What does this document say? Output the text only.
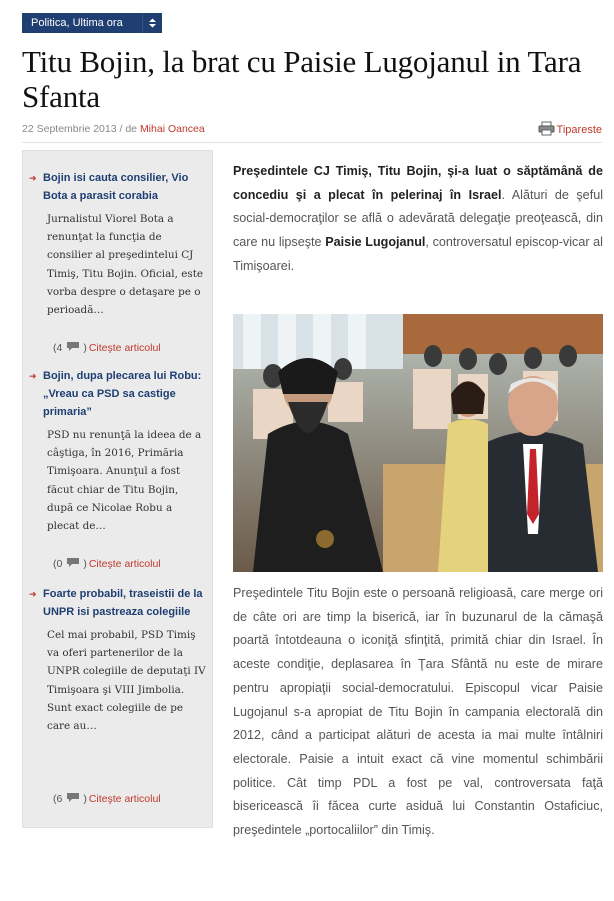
Politica, Ultima ora
Titu Bojin, la brat cu Paisie Lugojanul in Tara Sfanta
22 Septembrie 2013 / de Mihai Oancea	Tipareste
➜ Bojin isi cauta consilier, Vio Bota a parasit corabia
Jurnalistul Viorel Bota a renunţat la funcţia de consilier al preşedintelui CJ Timiş, Titu Bojin. Oficial, este vorba despre o detaşare pe o perioadă…
( 4 ) Citeşte articolul
➜ Bojin, dupa plecarea lui Robu: „Vreau ca PSD sa castige primaria”
PSD nu renunţă la ideea de a câştiga, în 2016, Primăria Timişoara. Anunţul a fost făcut chiar de Titu Bojin, după ce Nicolae Robu a plecat de…
( 0 ) Citeşte articolul
➜ Foarte probabil, traseistii de la UNPR isi pastreaza colegiile
Cel mai probabil, PSD Timiş va oferi partenerilor de la UNPR colegiile de deputaţi IV Timişoara şi VIII Jimbolia. Sunt exact colegiile de pe care au…
( 6 ) Citeşte articolul

Preşedintele CJ Timiş, Titu Bojin, şi-a luat o săptămână de concediu şi a plecat în pelerinaj în Israel. Alături de şeful social-democraţilor se află o adevărată delegaţie preoţească, din care nu lipseşte Paisie Lugojanul, controversatul episcop-vicar al Timişoarei.

Preşedintele Titu Bojin este o persoană religioasă, care merge ori de câte ori are timp la biserică, iar în buzunarul de la cămaşă poartă întotdeauna o iconiţă sfinţită, primită chiar din Israel. În aceste condiţie, deplasarea în Ţara Sfântă nu este de mirare pentru apropiaţii social-democratului. Episcopul vicar Paisie Lugojanul s-a apropiat de Titu Bojin în campania electorală din 2012, când a participat alături de acesta ia mai multe întâlniri electorale. Paisie a intuit exact că vine momentul schimbării politice. Cât timp PDL a fost pe val, controversata faţă bisericească îi făcea curte asiduă lui Constantin Ostaficiuc, preşedintele „portocaliilor” din Timiş.
